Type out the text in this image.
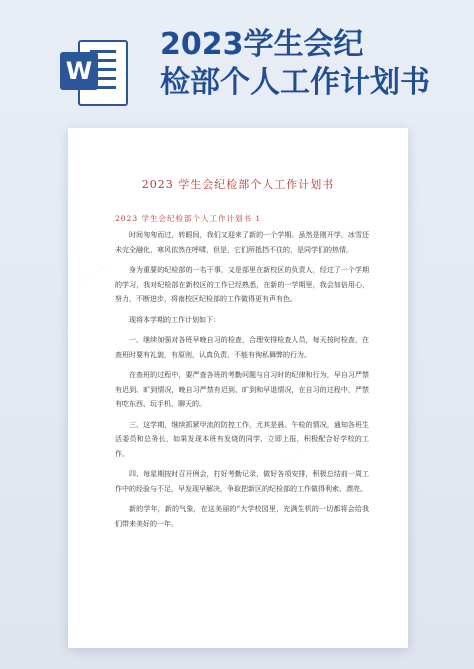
W
2023学生会纪
检部个人工作计划书
· · · · · ·
· · · · · ·

2023 学生会纪检部个人工作计划书

2023 学生会纪检部个人工作计划书 1

时间匆匆而过，转眼间，我们又迎来了新的一个学期。虽然是刚开学，冰雪还未完全融化，寒风依然在呼啸，但是，它们所抵挡不住的，是同学们的热情。

身为重要的纪检部的一名干事，又是部里在新校区的负责人，经过了一个学期的学习，我对纪检部在新校区的工作已经熟悉，在新的一学期里，我会加倍用心，努力，不断进步，将南校区纪检部的工作做得更有声有色。

现将本学期的工作计划如下：

一、继续加强对各班早晚自习的检查，合理安排检查人员，每天按时检查，在查班时要有礼貌，有原则，认真负责，不能有徇私舞弊的行为。

在查班的过程中，要严查各班的考勤问题与自习时的纪律和行为，早自习严禁有迟到、旷到情况，晚自习严禁有迟到、旷到和早退情况，在自习的过程中，严禁有吃东西、玩手机、聊天的。

三、这学期，继续抓紧甲流的防控工作，尤其是晨、午检的情况，通知各班生活委员和总务长，如果发现本班有发烧的同学，立即上报，积极配合好学校的工作。

四、每星期按时召开例会，打好考勤记录，做好各项安排，积极总结前一周工作中的经验与不足，早发现早解决，争取把新区的纪检部的工作做得利索、漂亮。

新的学年，新的气象，在这美丽的“大学校园里，充满生机的一切都将会给我们带来美好的一年。
